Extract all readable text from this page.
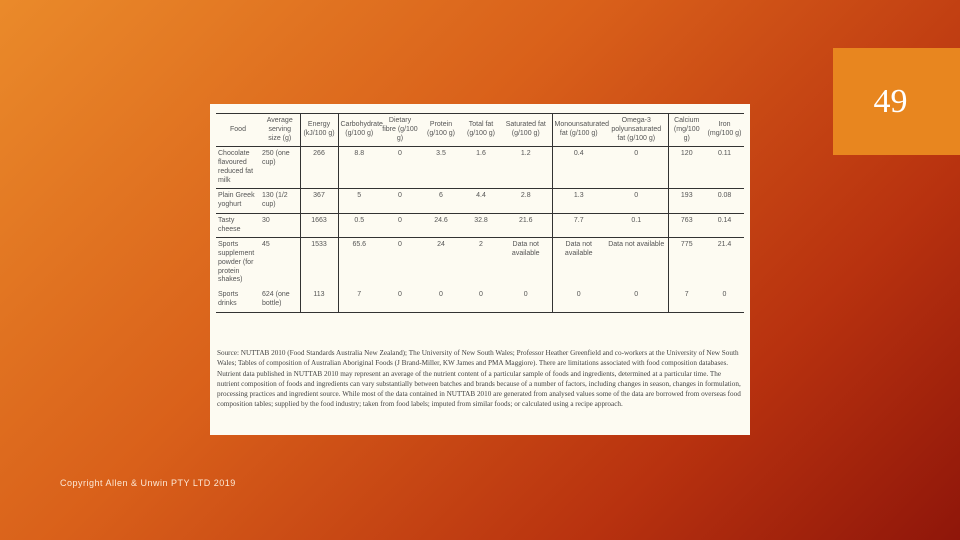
49
Food	Average serving size (g)	Energy (kJ/100 g)	Carbohydrate (g/100 g)	Dietary fibre (g/100 g)	Protein (g/100 g)	Total fat (g/100 g)	Saturated fat (g/100 g)	Monounsaturated fat (g/100 g)	Omega-3 polyunsaturated fat (g/100 g)	Calcium (mg/100 g)	Iron (mg/100 g)
Chocolate flavoured reduced fat milk	250 (one cup)	266	8.8	0	3.5	1.6	1.2	0.4	0	120	0.11
Plain Greek yoghurt	130 (1/2 cup)	367	5	0	6	4.4	2.8	1.3	0	193	0.08
Tasty cheese	30	1663	0.5	0	24.6	32.8	21.6	7.7	0.1	763	0.14
Sports supplement powder (for protein shakes)	45	1533	65.6	0	24	2	Data not available	Data not available	Data not available	775	21.4
Sports drinks	624 (one bottle)	113	7	0	0	0	0	0	0	7	0
Source: NUTTAB 2010 (Food Standards Australia New Zealand); The University of New South Wales; Professor Heather Greenfield and co-workers at the University of New South Wales; Tables of composition of Australian Aboriginal Foods (J Brand-Miller, KW James and PMA Maggiore). There are limitations associated with food composition databases. Nutrient data published in NUTTAB 2010 may represent an average of the nutrient content of a particular sample of foods and ingredients, determined at a particular time. The nutrient composition of foods and ingredients can vary substantially between batches and brands because of a number of factors, including changes in season, changes in formulation, processing practices and ingredient source. While most of the data contained in NUTTAB 2010 are generated from analysed values some of the data are borrowed from overseas food composition tables; supplied by the food industry; taken from food labels; imputed from similar foods; or calculated using a recipe approach.
Copyright Allen & Unwin PTY LTD 2019
